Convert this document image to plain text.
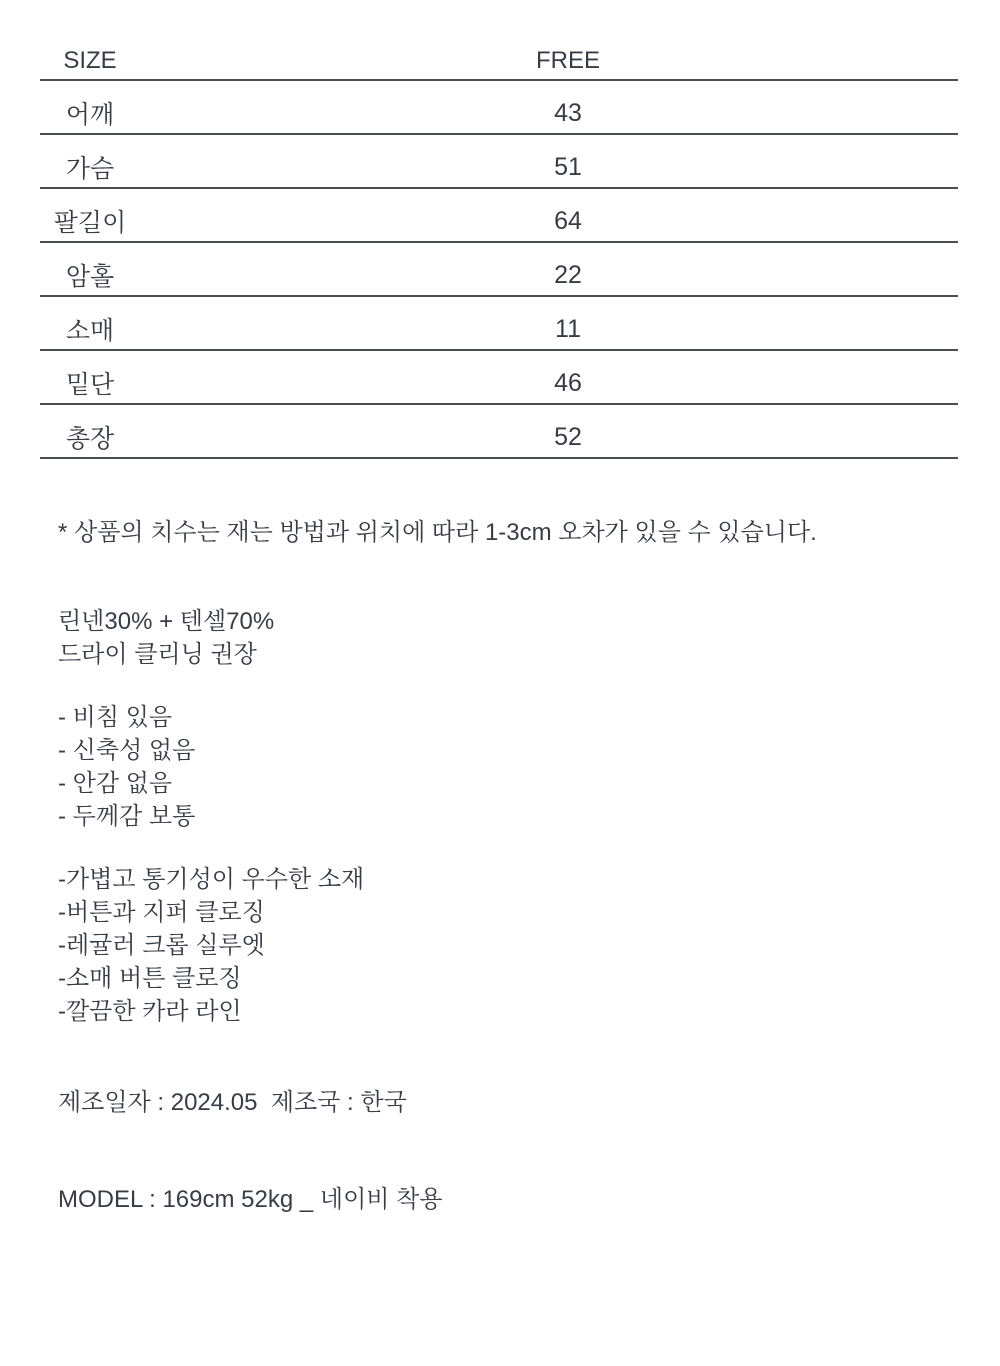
SIZE	FREE
어깨	43
가슴	51
팔길이	64
암홀	22
소매	11
밑단	46
총장	52

* 상품의 치수는 재는 방법과 위치에 따라 1-3cm 오차가 있을 수 있습니다.

린넨30% + 텐셀70%
드라이 클리닝 권장

- 비침 있음
- 신축성 없음
- 안감 없음
- 두께감 보통
-가볍고 통기성이 우수한 소재
-버튼과 지퍼 클로징
-레귤러 크롭 실루엣
-소매 버튼 클로징
-깔끔한 카라 라인

제조일자 : 2024.05  제조국 : 한국

MODEL : 169cm 52kg _ 네이비 착용
